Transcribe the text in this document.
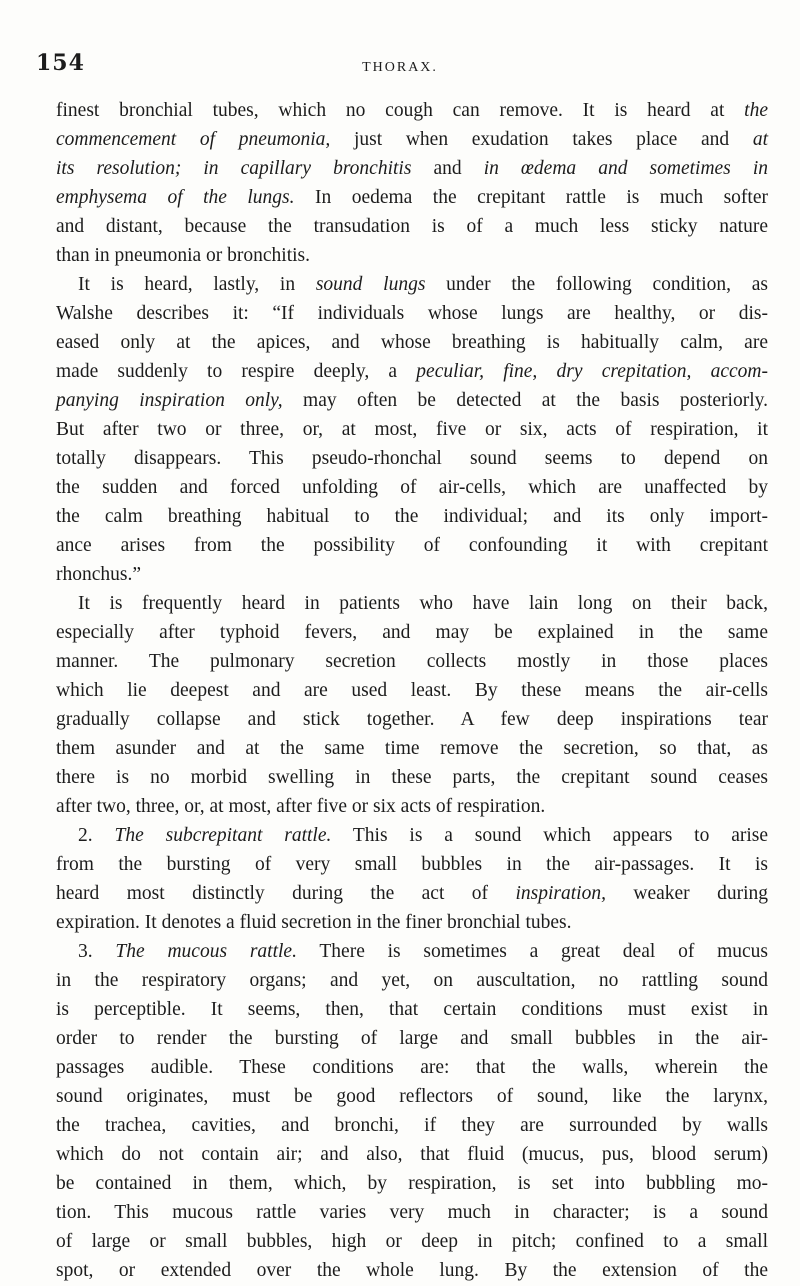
154	THORAX.
finest bronchial tubes, which no cough can remove. It is heard at the
commencement of pneumonia, just when exudation takes place and at
its resolution; in capillary bronchitis and in œdema and sometimes in
emphysema of the lungs. In oedema the crepitant rattle is much softer
and distant, because the transudation is of a much less sticky nature
than in pneumonia or bronchitis.
It is heard, lastly, in sound lungs under the following condition, as
Walshe describes it: “If individuals whose lungs are healthy, or dis-
eased only at the apices, and whose breathing is habitually calm, are
made suddenly to respire deeply, a peculiar, fine, dry crepitation, accom-
panying inspiration only, may often be detected at the basis posteriorly.
But after two or three, or, at most, five or six, acts of respiration, it
totally disappears. This pseudo-rhonchal sound seems to depend on
the sudden and forced unfolding of air-cells, which are unaffected by
the calm breathing habitual to the individual; and its only import-
ance arises from the possibility of confounding it with crepitant
rhonchus.”
It is frequently heard in patients who have lain long on their back,
especially after typhoid fevers, and may be explained in the same
manner. The pulmonary secretion collects mostly in those places
which lie deepest and are used least. By these means the air-cells
gradually collapse and stick together. A few deep inspirations tear
them asunder and at the same time remove the secretion, so that, as
there is no morbid swelling in these parts, the crepitant sound ceases
after two, three, or, at most, after five or six acts of respiration.
2. The subcrepitant rattle. This is a sound which appears to arise
from the bursting of very small bubbles in the air-passages. It is
heard most distinctly during the act of inspiration, weaker during
expiration. It denotes a fluid secretion in the finer bronchial tubes.
3. The mucous rattle. There is sometimes a great deal of mucus
in the respiratory organs; and yet, on auscultation, no rattling sound
is perceptible. It seems, then, that certain conditions must exist in
order to render the bursting of large and small bubbles in the air-
passages audible. These conditions are: that the walls, wherein the
sound originates, must be good reflectors of sound, like the larynx,
the trachea, cavities, and bronchi, if they are surrounded by walls
which do not contain air; and also, that fluid (mucus, pus, blood serum)
be contained in them, which, by respiration, is set into bubbling mo-
tion. This mucous rattle varies very much in character; is a sound
of large or small bubbles, high or deep in pitch; confined to a small
spot, or extended over the whole lung. By the extension of the
